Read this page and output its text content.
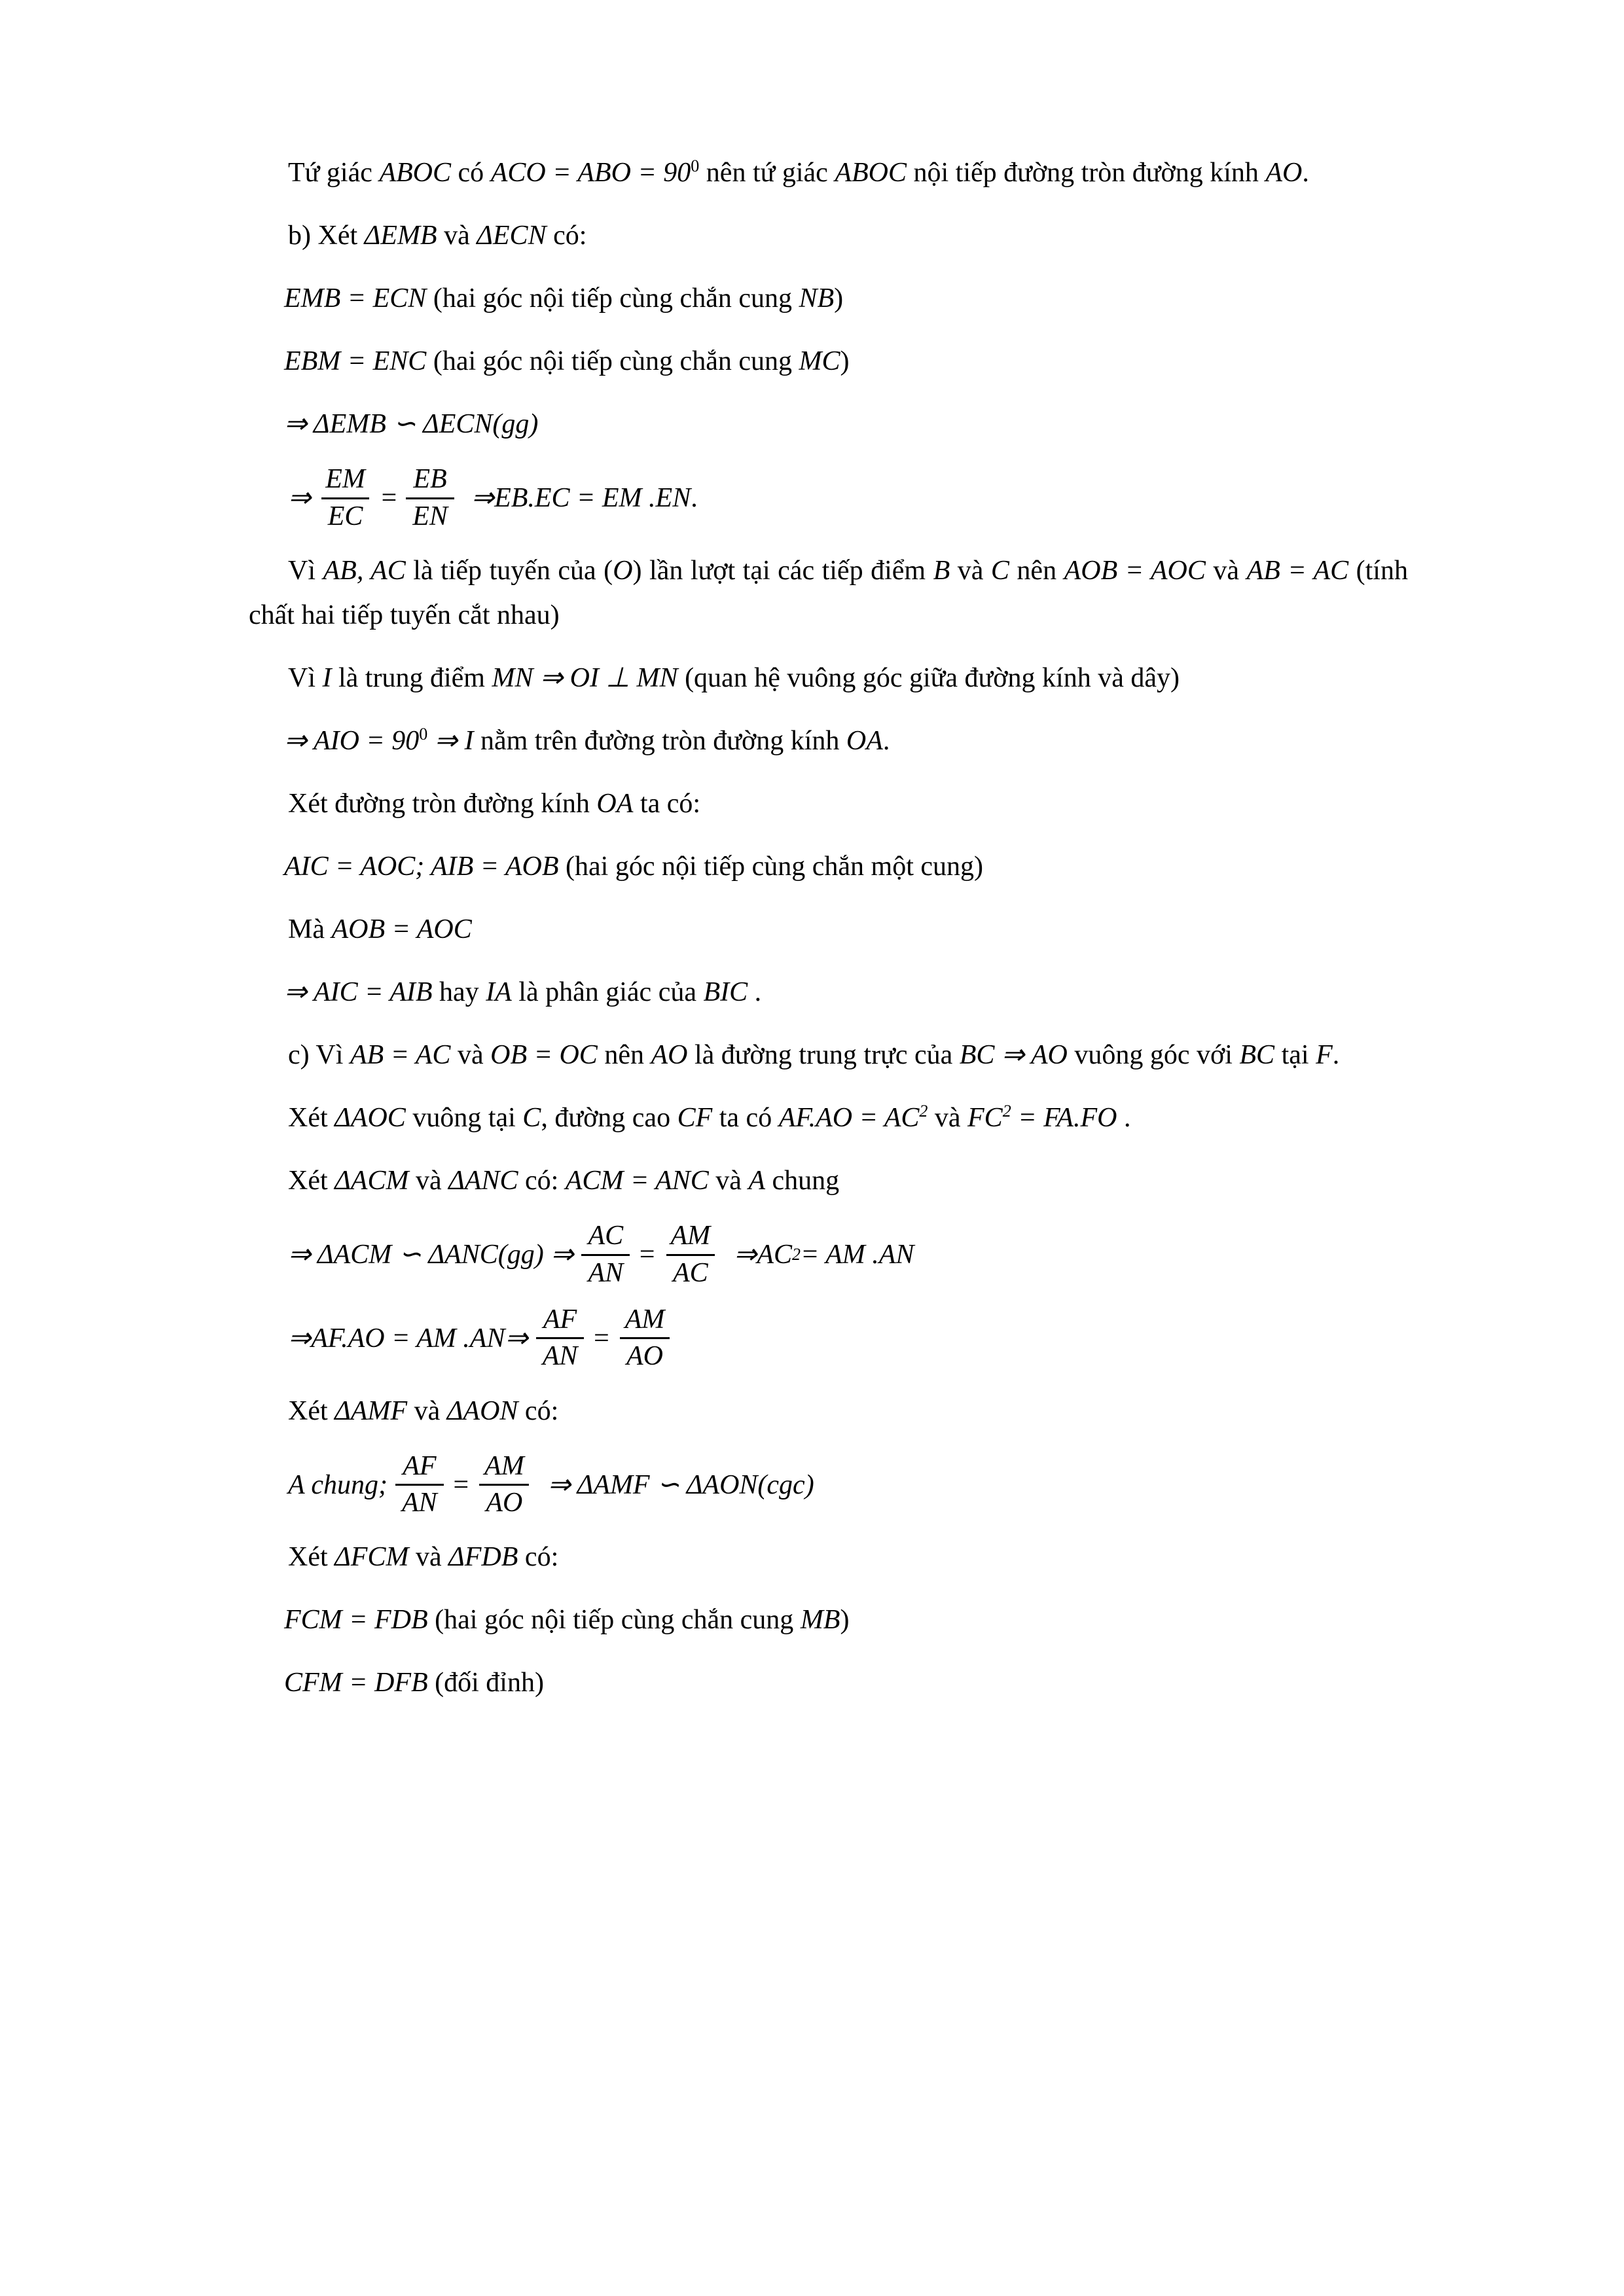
Tứ giác ABOC có ACO = ABO = $90^0$ nên tứ giác ABOC nội tiếp đường tròn đường kính AO.

b) Xét ΔEMB và ΔECN có:

EMB = ECN (hai góc nội tiếp cùng chắn cung NB)

EBM = ENC (hai góc nội tiếp cùng chắn cung MC)

⇒ ΔEMB ∽ ΔECN(gg)

⇒ $\frac{EM}{EC} = \frac{EB}{EN}$ ⇒ EB.EC = EM .EN .

Vì AB, AC là tiếp tuyến của (O) lần lượt tại các tiếp điểm B và C nên AOB = AOC và AB = AC (tính chất hai tiếp tuyến cắt nhau)

Vì I là trung điểm MN ⇒ OI ⊥ MN (quan hệ vuông góc giữa đường kính và dây)

⇒ AIO = $90^0$ ⇒ I nằm trên đường tròn đường kính OA.

Xét đường tròn đường kính OA ta có:

AIC = AOC; AIB = AOB (hai góc nội tiếp cùng chắn một cung)

Mà AOB = AOC

⇒ AIC = AIB hay IA là phân giác của BIC .

c) Vì AB = AC và OB = OC nên AO là đường trung trực của BC ⇒ AO vuông góc với BC tại F.

Xét ΔAOC vuông tại C, đường cao CF ta có $AF.AO = AC^2$ và $FC^2 = FA.FO$ .

Xét ΔACM và ΔANC có: ACM = ANC và A chung

⇒ ΔACM ∽ ΔANC(gg) ⇒ $\frac{AC}{AN} = \frac{AM}{AC}$ ⇒ AC 2 = AM .AN
⇒ AF.AO = AM .AN ⇒ $\frac{AF}{AN} = \frac{AM}{AO}$

Xét ΔAMF và ΔAON có:

A chung; $\frac{AF}{AN} = \frac{AM}{AO}$ ⇒ ΔAMF ∽ ΔAON(cgc)

Xét ΔFCM và ΔFDB có:

FCM = FDB (hai góc nội tiếp cùng chắn cung MB)

CFM = DFB (đối đỉnh)
